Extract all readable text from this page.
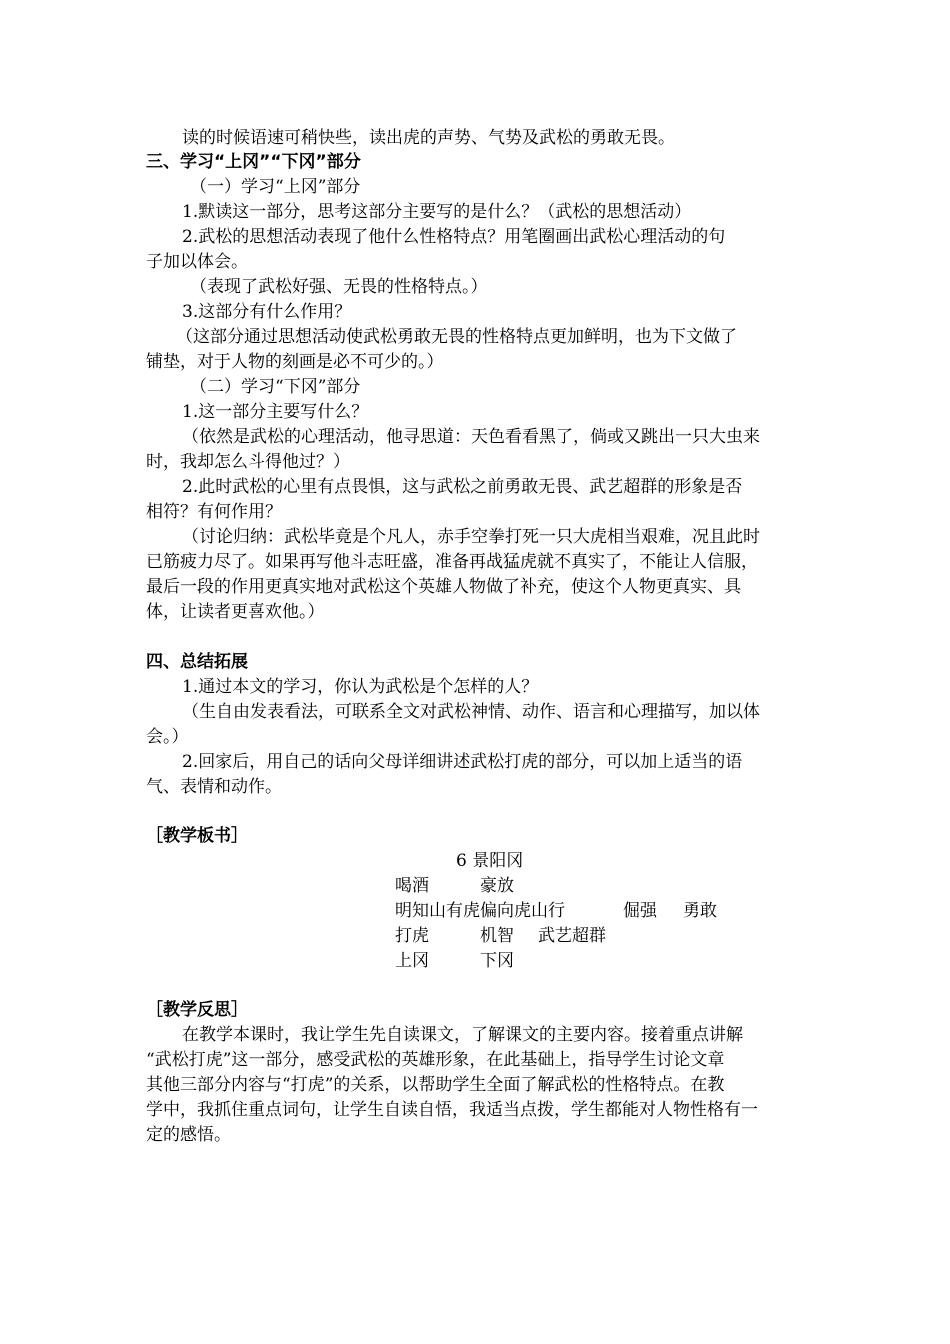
读的时候语速可稍快些，读出虎的声势、气势及武松的勇敢无畏。
三、学习“上冈”“下冈”部分
（一）学习“上冈”部分
1.默读这一部分，思考这部分主要写的是什么？（武松的思想活动）
2.武松的思想活动表现了他什么性格特点？用笔圈画出武松心理活动的句
子加以体会。
（表现了武松好强、无畏的性格特点。）
3.这部分有什么作用？
（这部分通过思想活动使武松勇敢无畏的性格特点更加鲜明，也为下文做了
铺垫，对于人物的刻画是必不可少的。）
（二）学习“下冈”部分
1.这一部分主要写什么？
（依然是武松的心理活动，他寻思道：天色看看黑了，倘或又跳出一只大虫来
时，我却怎么斗得他过？）
2.此时武松的心里有点畏惧，这与武松之前勇敢无畏、武艺超群的形象是否
相符？有何作用？
（讨论归纳：武松毕竟是个凡人，赤手空拳打死一只大虎相当艰难，况且此时
已筋疲力尽了。如果再写他斗志旺盛，准备再战猛虎就不真实了，不能让人信服，
最后一段的作用更真实地对武松这个英雄人物做了补充，使这个人物更真实、具
体，让读者更喜欢他。）
四、总结拓展
1.通过本文的学习，你认为武松是个怎样的人？
（生自由发表看法，可联系全文对武松神情、动作、语言和心理描写，加以体
会。）
2.回家后，用自己的话向父母详细讲述武松打虎的部分，可以加上适当的语
气、表情和动作。
［教学板书］
6 景阳冈
喝酒	豪放
明知山有虎偏向虎山行	倔强 勇敢
打虎	机智 武艺超群
上冈	下冈
［教学反思］
在教学本课时，我让学生先自读课文，了解课文的主要内容。接着重点讲解
“武松打虎”这一部分，感受武松的英雄形象，在此基础上，指导学生讨论文章
其他三部分内容与“打虎”的关系，以帮助学生全面了解武松的性格特点。在教
学中，我抓住重点词句，让学生自读自悟，我适当点拨，学生都能对人物性格有一
定的感悟。
